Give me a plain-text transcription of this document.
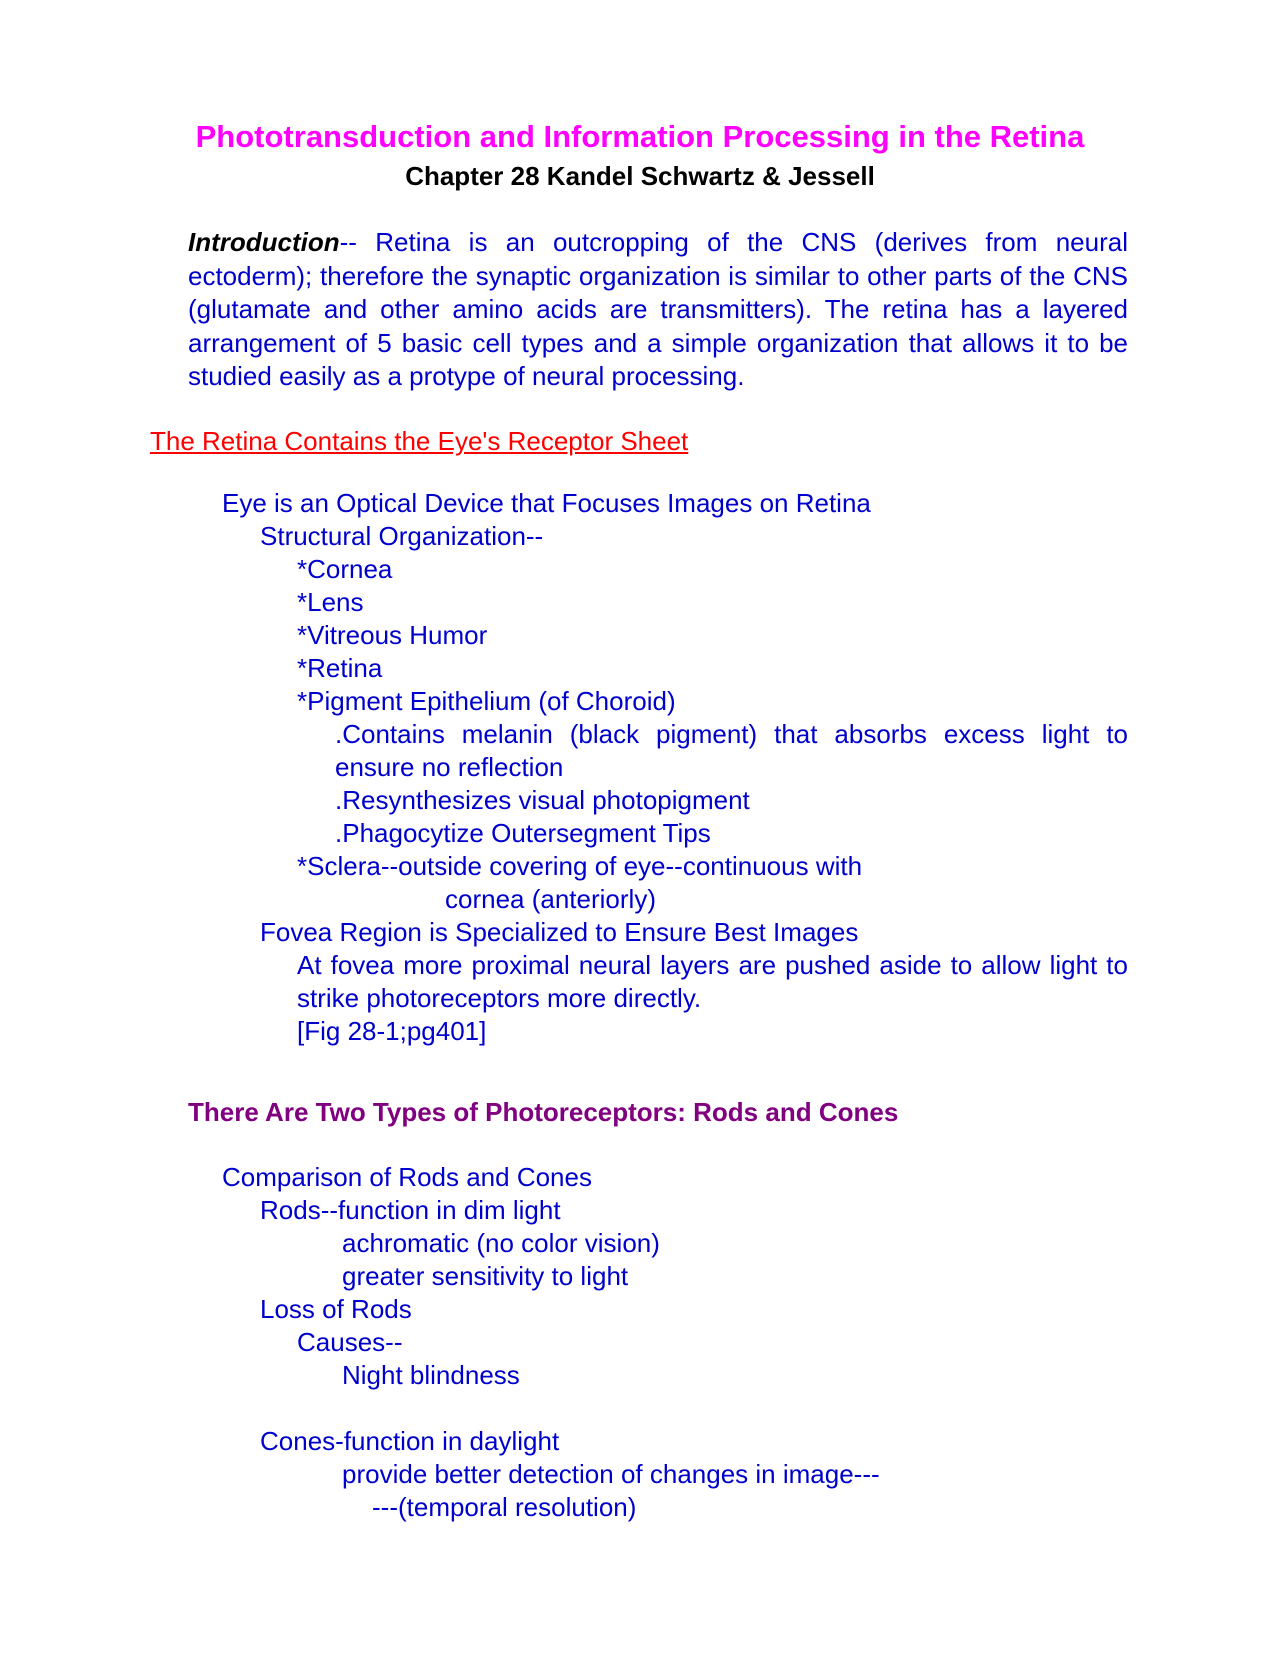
Phototransduction and Information Processing in the Retina
Chapter 28 Kandel Schwartz & Jessell

Introduction-- Retina is an outcropping of the CNS (derives from neural ectoderm); therefore the synaptic organization is similar to other parts of the CNS (glutamate and other amino acids are transmitters). The retina has a layered arrangement of 5 basic cell types and a simple organization that allows it to be studied easily as a protype of neural processing.

The Retina Contains the Eye's Receptor Sheet
Eye is an Optical Device that Focuses Images on Retina
Structural Organization--
*Cornea
*Lens
*Vitreous Humor
*Retina
*Pigment Epithelium (of Choroid)
.Contains melanin (black pigment) that absorbs excess light to ensure no reflection
.Resynthesizes visual photopigment
.Phagocytize Outersegment Tips
*Sclera--outside covering of eye--continuous with
cornea (anteriorly)
Fovea Region is Specialized to Ensure Best Images
At fovea more proximal neural layers are pushed aside to allow light to strike photoreceptors more directly.
[Fig 28-1;pg401]
There Are Two Types of Photoreceptors: Rods and Cones
Comparison of Rods and Cones
Rods--function in dim light
achromatic (no color vision)
greater sensitivity to light
Loss of Rods
Causes--
Night blindness
Cones-function in daylight
provide better detection of changes in image---
---(temporal resolution)
